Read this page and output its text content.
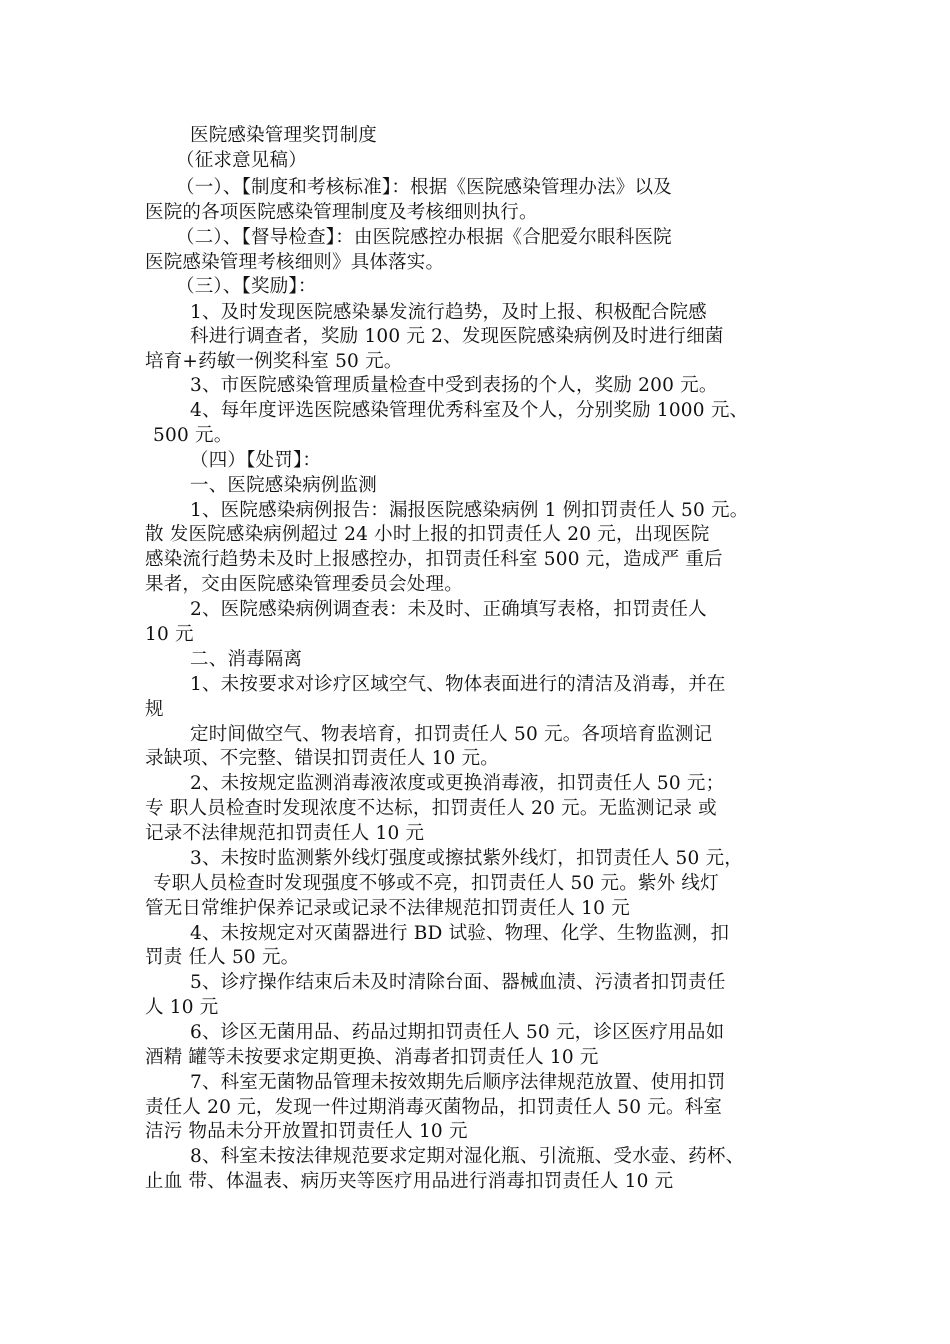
医院感染管理奖罚制度
（征求意见稿）
（一）、【制度和考核标准】：根据《医院感染管理办法》以及
医院的各项医院感染管理制度及考核细则执行。
（二）、【督导检查】：由医院感控办根据《合肥爱尔眼科医院
医院感染管理考核细则》具体落实。
（三）、【奖励】：
1、及时发现医院感染暴发流行趋势，及时上报、积极配合院感
科进行调查者，奖励 100 元 2、发现医院感染病例及时进行细菌
培育+药敏一例奖科室 50 元。
3、市医院感染管理质量检查中受到表扬的个人，奖励 200 元。
4、每年度评选医院感染管理优秀科室及个人，分别奖励 1000 元、
500 元。
（四）【处罚】：
一、医院感染病例监测
1、医院感染病例报告：漏报医院感染病例 1 例扣罚责任人 50 元。
散 发医院感染病例超过 24 小时上报的扣罚责任人 20 元，出现医院
感染流行趋势未及时上报感控办，扣罚责任科室 500 元，造成严 重后
果者，交由医院感染管理委员会处理。
2、医院感染病例调查表：未及时、正确填写表格，扣罚责任人
10 元
二、消毒隔离
1、未按要求对诊疗区域空气、物体表面进行的清洁及消毒，并在
规
定时间做空气、物表培育，扣罚责任人 50 元。各项培育监测记
录缺项、不完整、错误扣罚责任人 10 元。
2、未按规定监测消毒液浓度或更换消毒液，扣罚责任人 50 元；
专 职人员检查时发现浓度不达标，扣罚责任人 20 元。无监测记录 或
记录不法律规范扣罚责任人 10 元
3、未按时监测紫外线灯强度或擦拭紫外线灯，扣罚责任人 50 元，
专职人员检查时发现强度不够或不亮，扣罚责任人 50 元。紫外 线灯
管无日常维护保养记录或记录不法律规范扣罚责任人 10 元
4、未按规定对灭菌器进行 BD 试验、物理、化学、生物监测，扣
罚责 任人 50 元。
5、诊疗操作结束后未及时清除台面、器械血渍、污渍者扣罚责任
人 10 元
6、诊区无菌用品、药品过期扣罚责任人 50 元，诊区医疗用品如
酒精 罐等未按要求定期更换、消毒者扣罚责任人 10 元
7、科室无菌物品管理未按效期先后顺序法律规范放置、使用扣罚
责任人 20 元，发现一件过期消毒灭菌物品，扣罚责任人 50 元。科室
洁污 物品未分开放置扣罚责任人 10 元
8、科室未按法律规范要求定期对湿化瓶、引流瓶、受水壶、药杯、
止血 带、体温表、病历夹等医疗用品进行消毒扣罚责任人 10 元
